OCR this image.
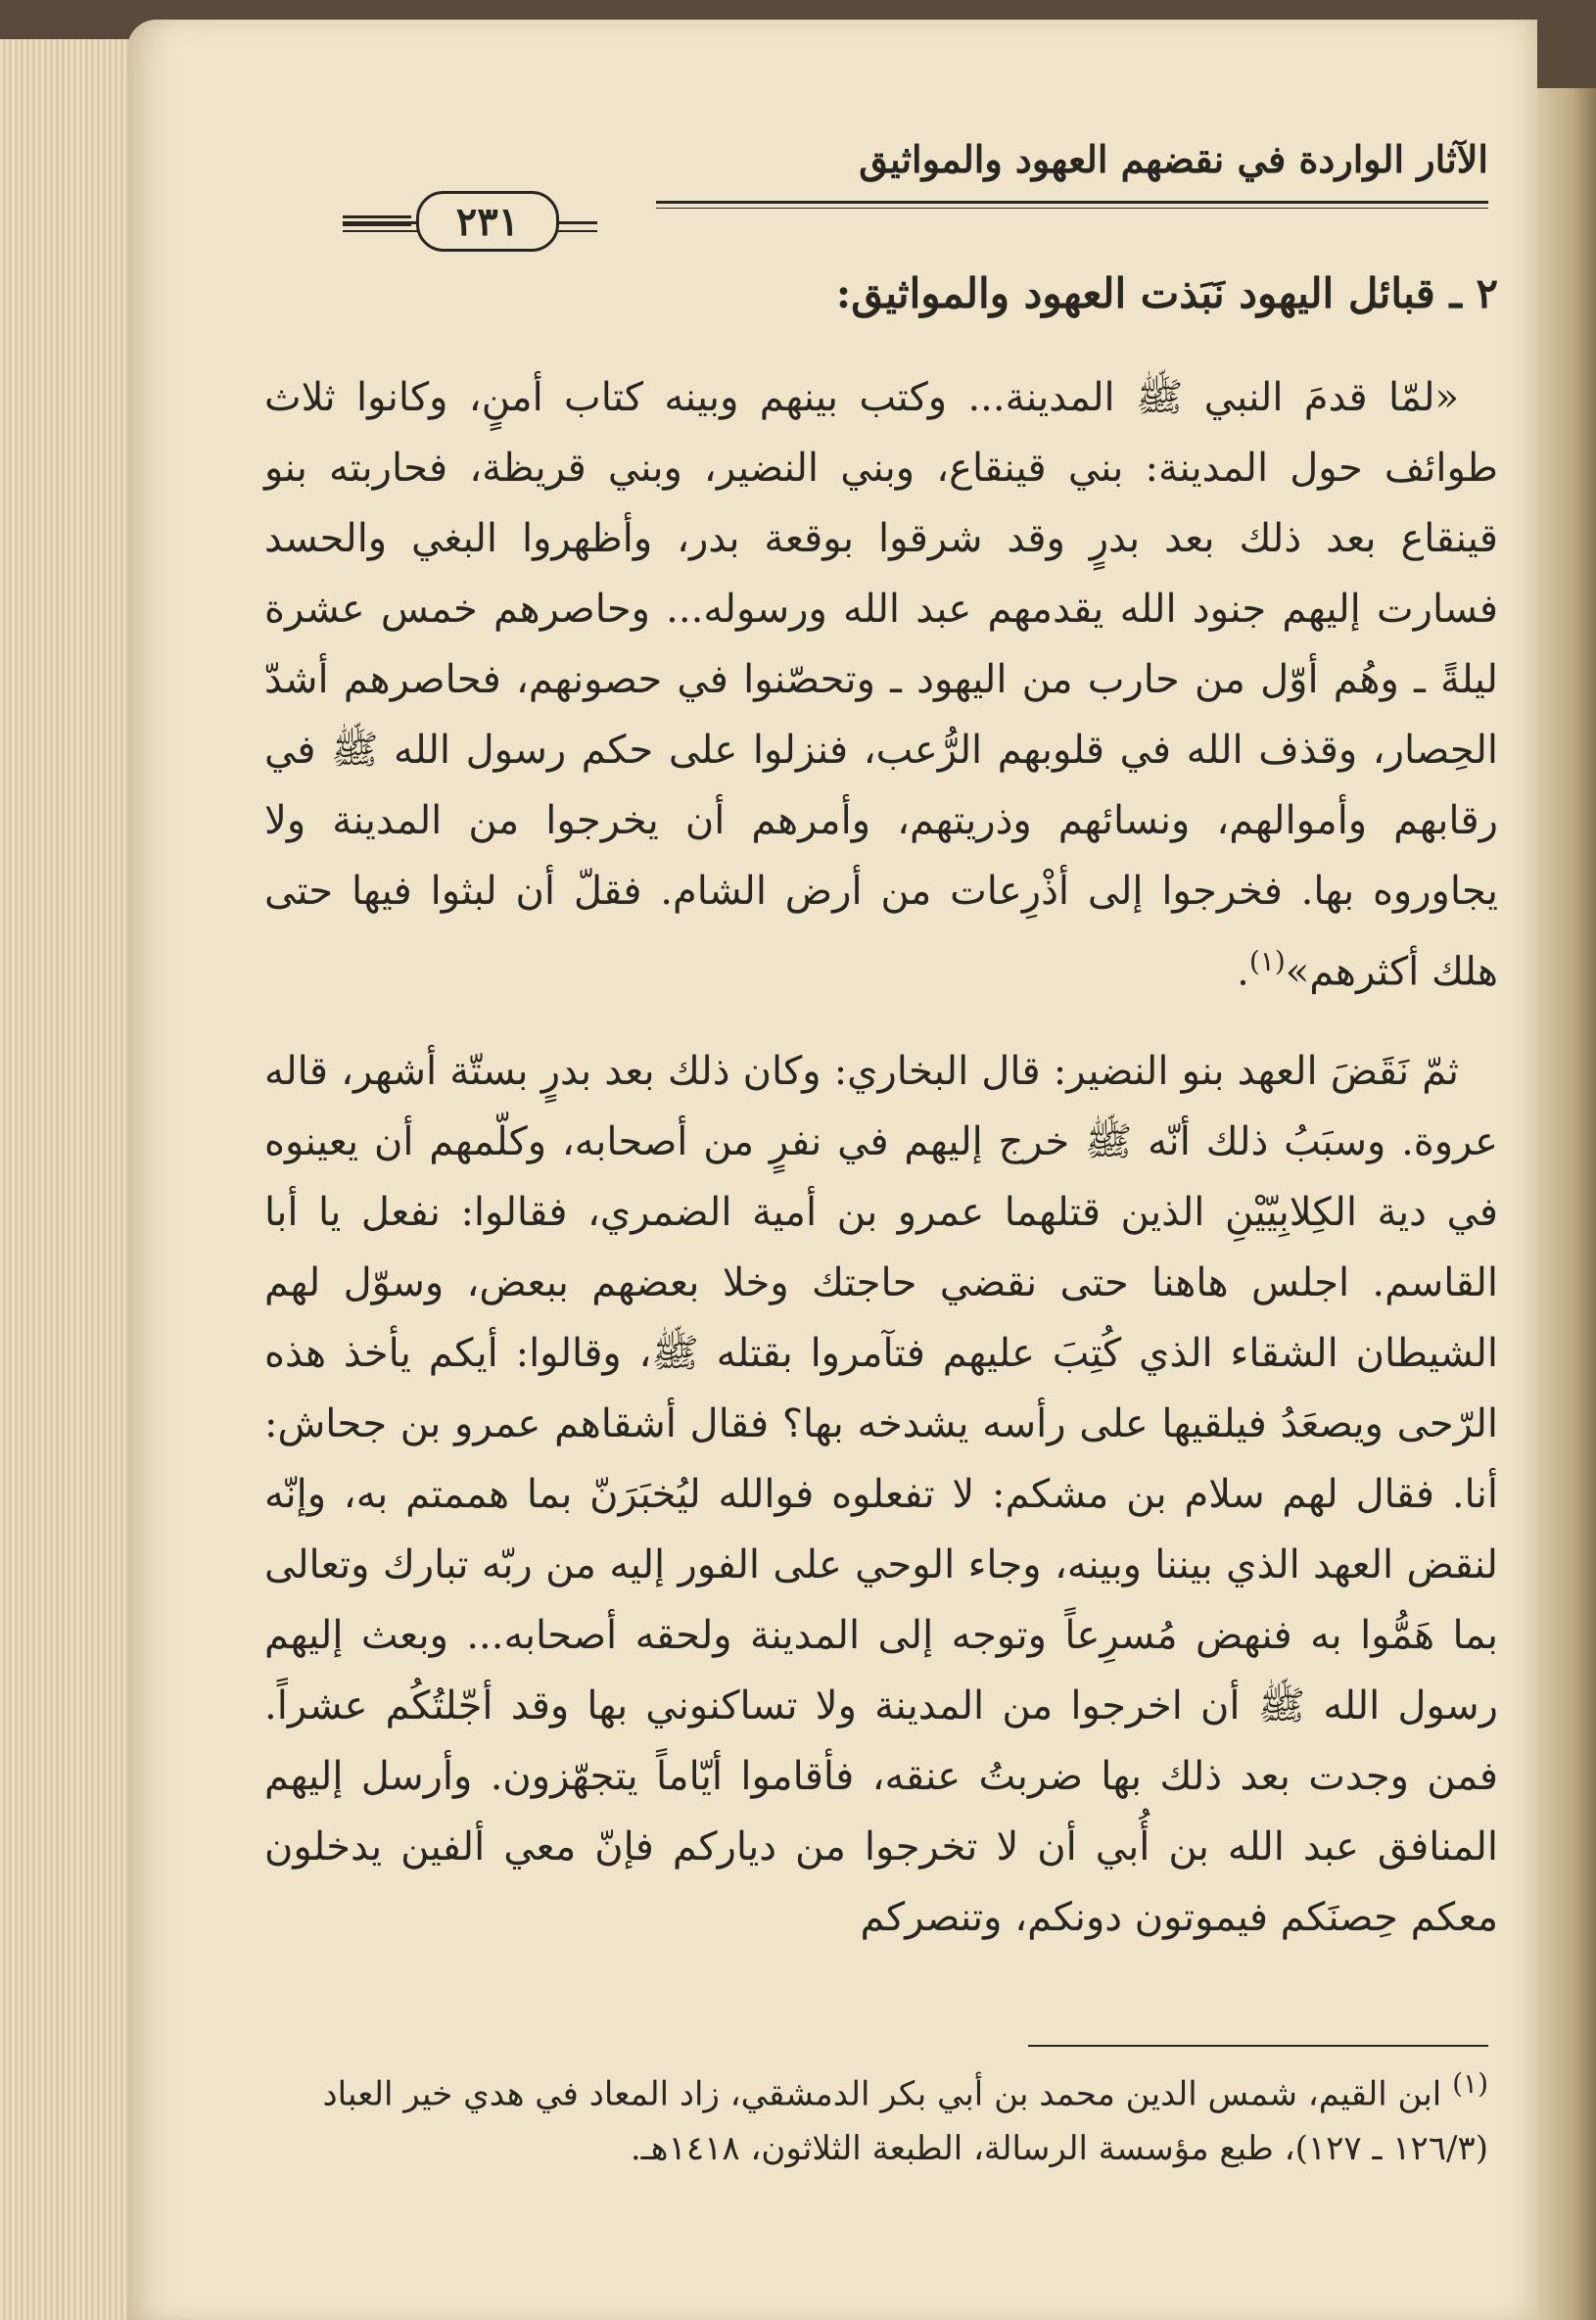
الآثار الواردة في نقضهم العهود والمواثيق
٢٣١
٢ ـ قبائل اليهود نَبَذت العهود والمواثيق:

«لمّا قدمَ النبي ﷺ المدينة... وكتب بينهم وبينه كتاب أمنٍ، وكانوا ثلاث طوائف حول المدينة: بني قينقاع، وبني النضير، وبني قريظة، فحاربته بنو قينقاع بعد ذلك بعد بدرٍ وقد شرقوا بوقعة بدر، وأظهروا البغي والحسد فسارت إليهم جنود الله يقدمهم عبد الله ورسوله... وحاصرهم خمس عشرة ليلةً ـ وهُم أوّل من حارب من اليهود ـ وتحصّنوا في حصونهم، فحاصرهم أشدّ الحِصار، وقذف الله في قلوبهم الرُّعب، فنزلوا على حكم رسول الله ﷺ في رقابهم وأموالهم، ونسائهم وذريتهم، وأمرهم أن يخرجوا من المدينة ولا يجاوروه بها. فخرجوا إلى أذْرِعات من أرض الشام. فقلّ أن لبثوا فيها حتى هلك أكثرهم»$^{(١)}$.

ثمّ نَقَضَ العهد بنو النضير: قال البخاري: وكان ذلك بعد بدرٍ بستّة أشهر، قاله عروة. وسبَبُ ذلك أنّه ﷺ خرج إليهم في نفرٍ من أصحابه، وكلّمهم أن يعينوه في دية الكِلابِيّيْنِ الذين قتلهما عمرو بن أمية الضمري، فقالوا: نفعل يا أبا القاسم. اجلس هاهنا حتى نقضي حاجتك وخلا بعضهم ببعض، وسوّل لهم الشيطان الشقاء الذي كُتِبَ عليهم فتآمروا بقتله ﷺ، وقالوا: أيكم يأخذ هذه الرّحى ويصعَدُ فيلقيها على رأسه يشدخه بها؟ فقال أشقاهم عمرو بن جحاش: أنا. فقال لهم سلام بن مشكم: لا تفعلوه فوالله ليُخبَرَنّ بما هممتم به، وإنّه لنقض العهد الذي بيننا وبينه، وجاء الوحي على الفور إليه من ربّه تبارك وتعالى بما هَمُّوا به فنهض مُسرِعاً وتوجه إلى المدينة ولحقه أصحابه... وبعث إليهم رسول الله ﷺ أن اخرجوا من المدينة ولا تساكنوني بها وقد أجّلتُكُم عشراً. فمن وجدت بعد ذلك بها ضربتُ عنقه، فأقاموا أيّاماً يتجهّزون. وأرسل إليهم المنافق عبد الله بن أُبي أن لا تخرجوا من دياركم فإنّ معي ألفين يدخلون معكم حِصنَكم فيموتون دونكم، وتنصركم

$^{(١)}$ ابن القيم، شمس الدين محمد بن أبي بكر الدمشقي، زاد المعاد في هدي خير العباد (١٢٦/٣ ـ ١٢٧)، طبع مؤسسة الرسالة، الطبعة الثلاثون، ١٤١٨هـ.
